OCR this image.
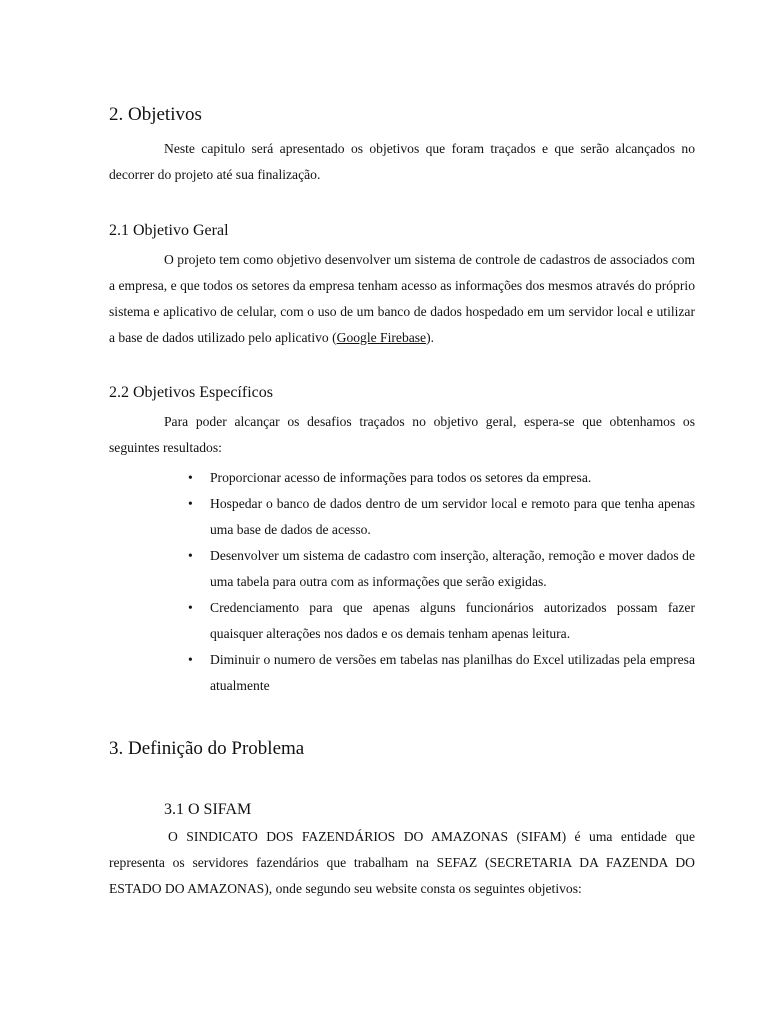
2. Objetivos

Neste capitulo será apresentado os objetivos que foram traçados e que serão alcançados no decorrer do projeto até sua finalização.

2.1 Objetivo Geral

O projeto tem como objetivo desenvolver um sistema de controle de cadastros de associados com a empresa, e que todos os setores da empresa tenham acesso as informações dos mesmos através do próprio sistema e aplicativo de celular, com o uso de um banco de dados hospedado em um servidor local e utilizar a base de dados utilizado pelo aplicativo (Google Firebase).

2.2 Objetivos Específicos

Para poder alcançar os desafios traçados no objetivo geral, espera-se que obtenhamos os seguintes resultados:

• Proporcionar acesso de informações para todos os setores da empresa.
• Hospedar o banco de dados dentro de um servidor local e remoto para que tenha apenas uma base de dados de acesso.
• Desenvolver um sistema de cadastro com inserção, alteração, remoção e mover dados de uma tabela para outra com as informações que serão exigidas.
• Credenciamento para que apenas alguns funcionários autorizados possam fazer quaisquer alterações nos dados e os demais tenham apenas leitura.
• Diminuir o numero de versões em tabelas nas planilhas do Excel utilizadas pela empresa atualmente
3. Definição do Problema
3.1 O SIFAM

O SINDICATO DOS FAZENDÁRIOS DO AMAZONAS (SIFAM) é uma entidade que representa os servidores fazendários que trabalham na SEFAZ (SECRETARIA DA FAZENDA DO ESTADO DO AMAZONAS), onde segundo seu website consta os seguintes objetivos:
